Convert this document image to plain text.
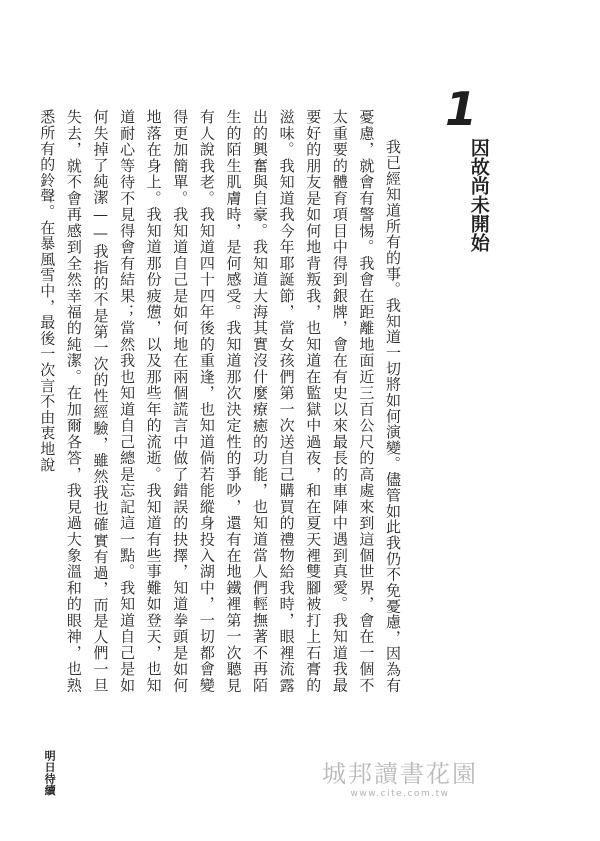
1
因故尚未開始

我已經知道所有的事。我知道一切將如何演變。儘管如此我仍不免憂慮，因為有憂慮，就會有警惕。我會在距離地面近三百公尺的高處來到這個世界，會在一個不太重要的體育項目中得到銀牌，會在有史以來最長的車陣中遇到真愛。我知道我最要好的朋友是如何地背叛我，也知道在監獄中過夜，和在夏天裡雙腳被打上石膏的滋味。我知道我今年耶誕節，當女孩們第一次送自己購買的禮物給我時，眼裡流露出的興奮與自豪。我知道大海其實沒什麼療癒的功能，也知道當人們輕撫著不再陌生的陌生肌膚時，是何感受。我知道那次決定性的爭吵，還有在地鐵裡第一次聽見有人說我老。我知道四十四年後的重逢，也知道倘若能縱身投入湖中，一切都會變得更加簡單。我知道自己是如何地在兩個謊言中做了錯誤的抉擇，知道拳頭是如何地落在身上。我知道那份疲憊，以及那些年的流逝。我知道有些事難如登天，也知道耐心等待不見得會有結果；當然我也知道自己總是忘記這一點。我知道自己是如何失掉了純潔——我指的不是第一次的性經驗，雖然我也確實有過，而是人們一旦失去，就不會再感到全然幸福的純潔。在加爾各答，我見過大象溫和的眼神，也熟悉所有的鈴聲。在暴風雪中，最後一次言不由衷地說

明日待續	城邦讀書花園
www.cite.com.tw
